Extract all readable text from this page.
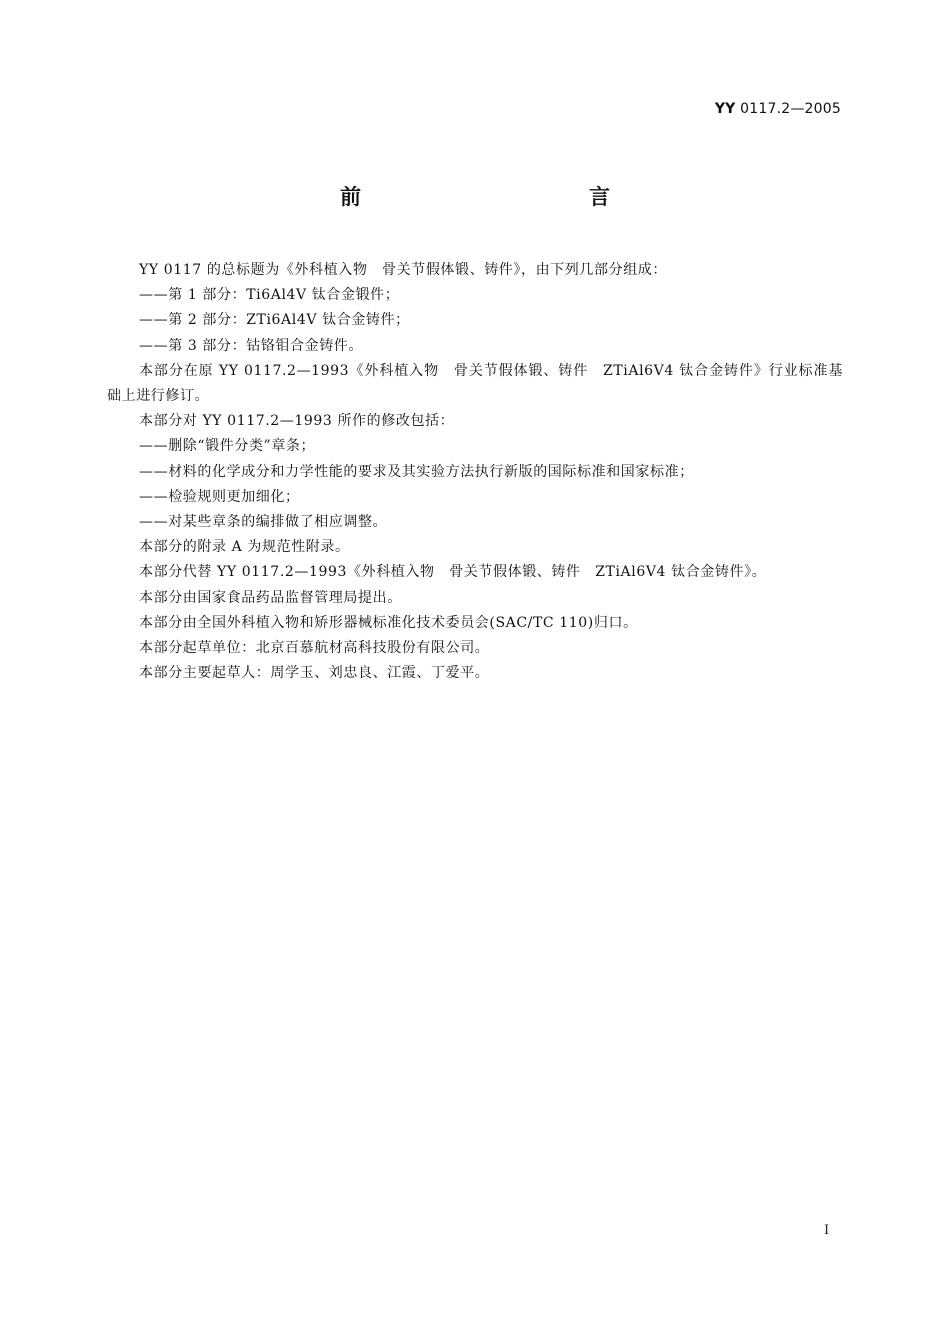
YY 0117.2—2005
前　　言

YY 0117 的总标题为《外科植入物　骨关节假体锻、铸件》，由下列几部分组成：

——第 1 部分：Ti6Al4V 钛合金锻件；

——第 2 部分：ZTi6Al4V 钛合金铸件；

——第 3 部分：钴铬钼合金铸件。

本部分在原 YY 0117.2—1993《外科植入物　骨关节假体锻、铸件　ZTiAl6V4 钛合金铸件》行业标准基础上进行修订。

本部分对 YY 0117.2—1993 所作的修改包括：

——删除“锻件分类”章条；

——材料的化学成分和力学性能的要求及其实验方法执行新版的国际标准和国家标准；

——检验规则更加细化；

——对某些章条的编排做了相应调整。

本部分的附录 A 为规范性附录。

本部分代替 YY 0117.2—1993《外科植入物　骨关节假体锻、铸件　ZTiAl6V4 钛合金铸件》。

本部分由国家食品药品监督管理局提出。

本部分由全国外科植入物和矫形器械标准化技术委员会(SAC/TC 110)归口。

本部分起草单位：北京百慕航材高科技股份有限公司。

本部分主要起草人：周学玉、刘忠良、江霞、丁爱平。

I
